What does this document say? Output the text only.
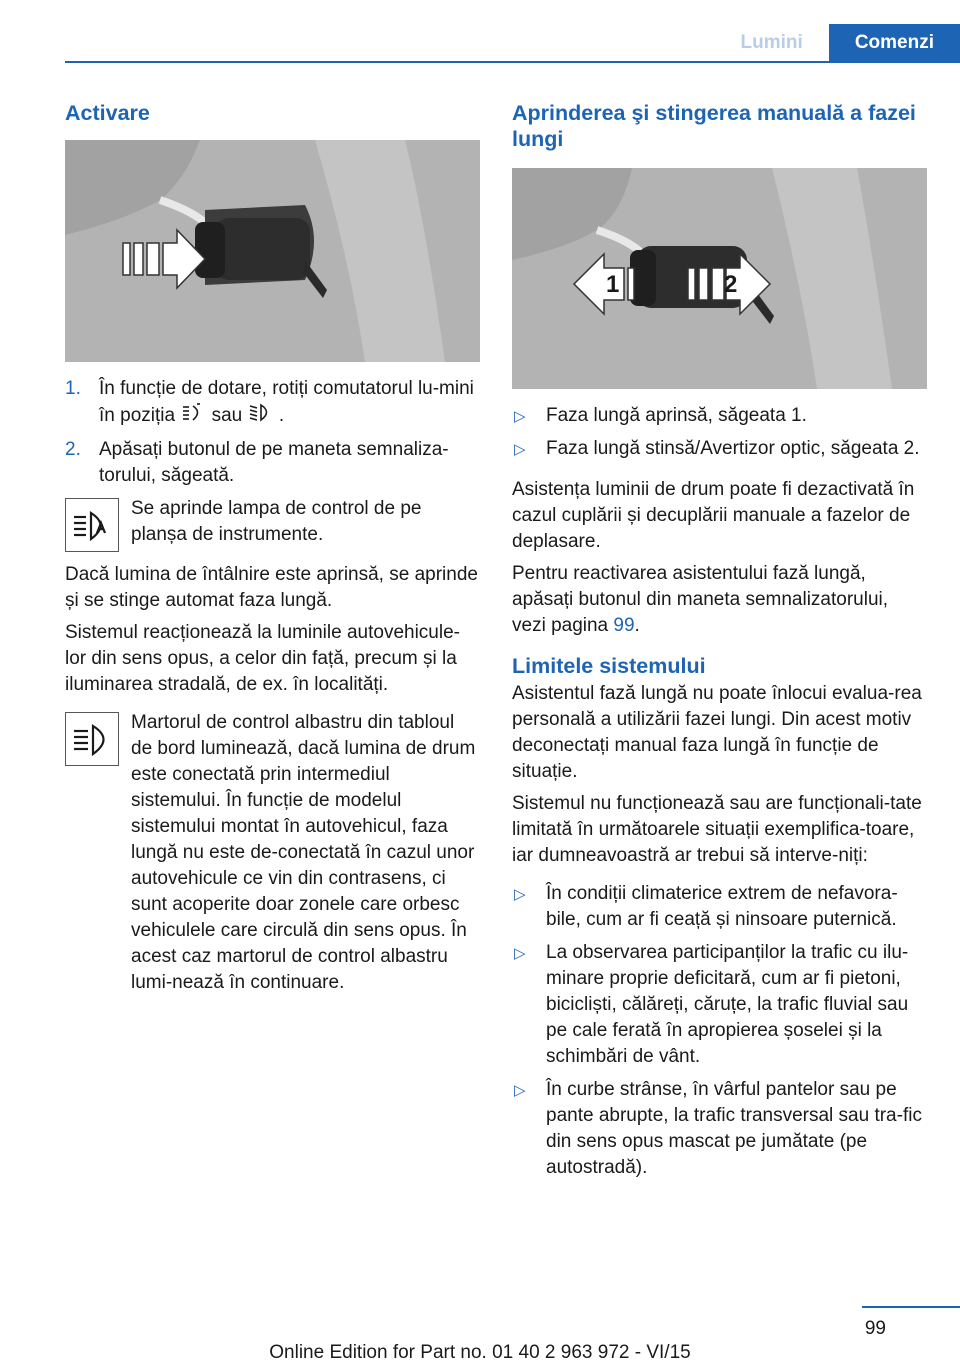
Lumini	Comenzi
Activare
1. În funcție de dotare, rotiți comutatorul lu‐mini în poziția sau .
2. Apăsați butonul de pe maneta semnaliza‐torului, săgeată.
Se aprinde lampa de control de pe planșa de instrumente.

Dacă lumina de întâlnire este aprinsă, se aprinde și se stinge automat faza lungă.

Sistemul reacționează la luminile autovehicule‐lor din sens opus, a celor din față, precum și la iluminarea stradală, de ex. în localități.

Martorul de control albastru din tabloul de bord luminează, dacă lumina de drum este conectată prin intermediul sistemului. În funcție de modelul sistemului montat în autovehicul, faza lungă nu este de‐conectată în cazul unor autovehicule ce vin din contrasens, ci sunt acoperite doar zonele care orbesc vehiculele care circulă din sens opus. În acest caz martorul de control albastru lumi‐nează în continuare.
Aprinderea şi stingerea manuală a fazei lungi
1	2
▷ Faza lungă aprinsă, săgeata 1.
▷ Faza lungă stinsă/Avertizor optic, săgeata 2.

Asistența luminii de drum poate fi dezactivată în cazul cuplării și decuplării manuale a fazelor de deplasare.

Pentru reactivarea asistentului fază lungă, apăsați butonul din maneta semnalizatorului, vezi pagina 99.

Limitele sistemului

Asistentul fază lungă nu poate înlocui evalua‐rea personală a utilizării fazei lungi. Din acest motiv deconectați manual faza lungă în funcție de situație.

Sistemul nu funcționează sau are funcționali‐tate limitată în următoarele situații exemplifica‐toare, iar dumneavoastră ar trebui să interve‐niți:

▷ În condiții climaterice extrem de nefavora‐bile, cum ar fi ceață și ninsoare puternică.
▷ La observarea participanților la trafic cu ilu‐minare proprie deficitară, cum ar fi pietoni, bicicliști, călăreți, căruțe, la trafic fluvial sau pe cale ferată în apropierea șoselei și la schimbări de vânt.
▷ În curbe strânse, în vârful pantelor sau pe pante abrupte, la trafic transversal sau tra‐fic din sens opus mascat pe jumătate (pe autostradă).
99
Online Edition for Part no. 01 40 2 963 972 - VI/15
